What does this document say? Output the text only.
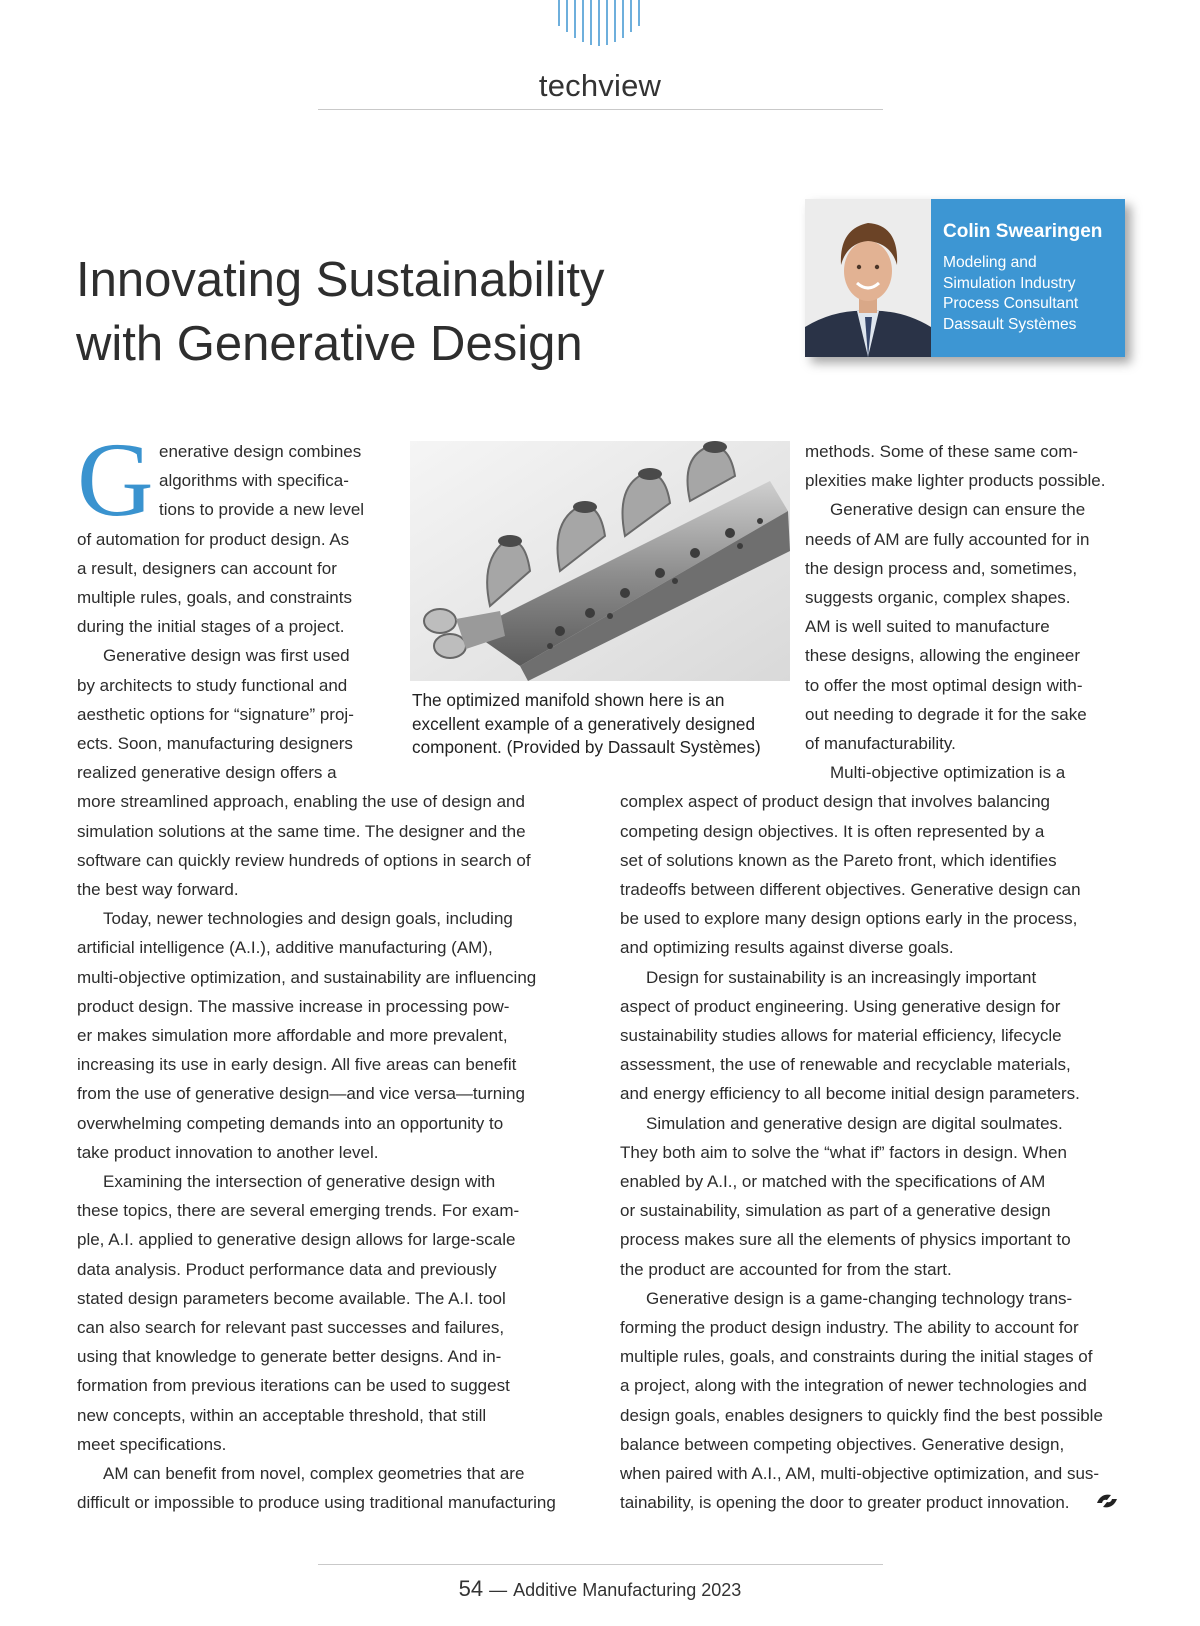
techview
Innovating Sustainability
with Generative Design
Colin Swearingen
Modeling and
Simulation Industry
Process Consultant
Dassault Systèmes
G enerative design combines
algorithms with specifica-
tions to provide a new level
of automation for product design. As
a result, designers can account for
multiple rules, goals, and constraints
during the initial stages of a project.
Generative design was first used
by architects to study functional and
aesthetic options for “signature” proj-
ects. Soon, manufacturing designers
realized generative design offers a
more streamlined approach, enabling the use of design and
simulation solutions at the same time. The designer and the
software can quickly review hundreds of options in search of
the best way forward.
Today, newer technologies and design goals, including
artificial intelligence (A.I.), additive manufacturing (AM),
multi-objective optimization, and sustainability are influencing
product design. The massive increase in processing pow-
er makes simulation more affordable and more prevalent,
increasing its use in early design. All five areas can benefit
from the use of generative design—and vice versa—turning
overwhelming competing demands into an opportunity to
take product innovation to another level.
Examining the intersection of generative design with
these topics, there are several emerging trends. For exam-
ple, A.I. applied to generative design allows for large-scale
data analysis. Product performance data and previously
stated design parameters become available. The A.I. tool
can also search for relevant past successes and failures,
using that knowledge to generate better designs. And in-
formation from previous iterations can be used to suggest
new concepts, within an acceptable threshold, that still
meet specifications.
AM can benefit from novel, complex geometries that are
difficult or impossible to produce using traditional manufacturing
methods. Some of these same com-
plexities make lighter products possible.
Generative design can ensure the
needs of AM are fully accounted for in
the design process and, sometimes,
suggests organic, complex shapes.
AM is well suited to manufacture
these designs, allowing the engineer
to offer the most optimal design with-
out needing to degrade it for the sake
of manufacturability.
Multi-objective optimization is a
complex aspect of product design that involves balancing
competing design objectives. It is often represented by a
set of solutions known as the Pareto front, which identifies
tradeoffs between different objectives. Generative design can
be used to explore many design options early in the process,
and optimizing results against diverse goals.
Design for sustainability is an increasingly important
aspect of product engineering. Using generative design for
sustainability studies allows for material efficiency, lifecycle
assessment, the use of renewable and recyclable materials,
and energy efficiency to all become initial design parameters.
Simulation and generative design are digital soulmates.
They both aim to solve the “what if” factors in design. When
enabled by A.I., or matched with the specifications of AM
or sustainability, simulation as part of a generative design
process makes sure all the elements of physics important to
the product are accounted for from the start.
Generative design is a game-changing technology trans-
forming the product design industry. The ability to account for
multiple rules, goals, and constraints during the initial stages of
a project, along with the integration of newer technologies and
design goals, enables designers to quickly find the best possible
balance between competing objectives. Generative design,
when paired with A.I., AM, multi-objective optimization, and sus-
tainability, is opening the door to greater product innovation.
The optimized manifold shown here is an
excellent example of a generatively designed
component. (Provided by Dassault Systèmes)
54 — Additive Manufacturing 2023
